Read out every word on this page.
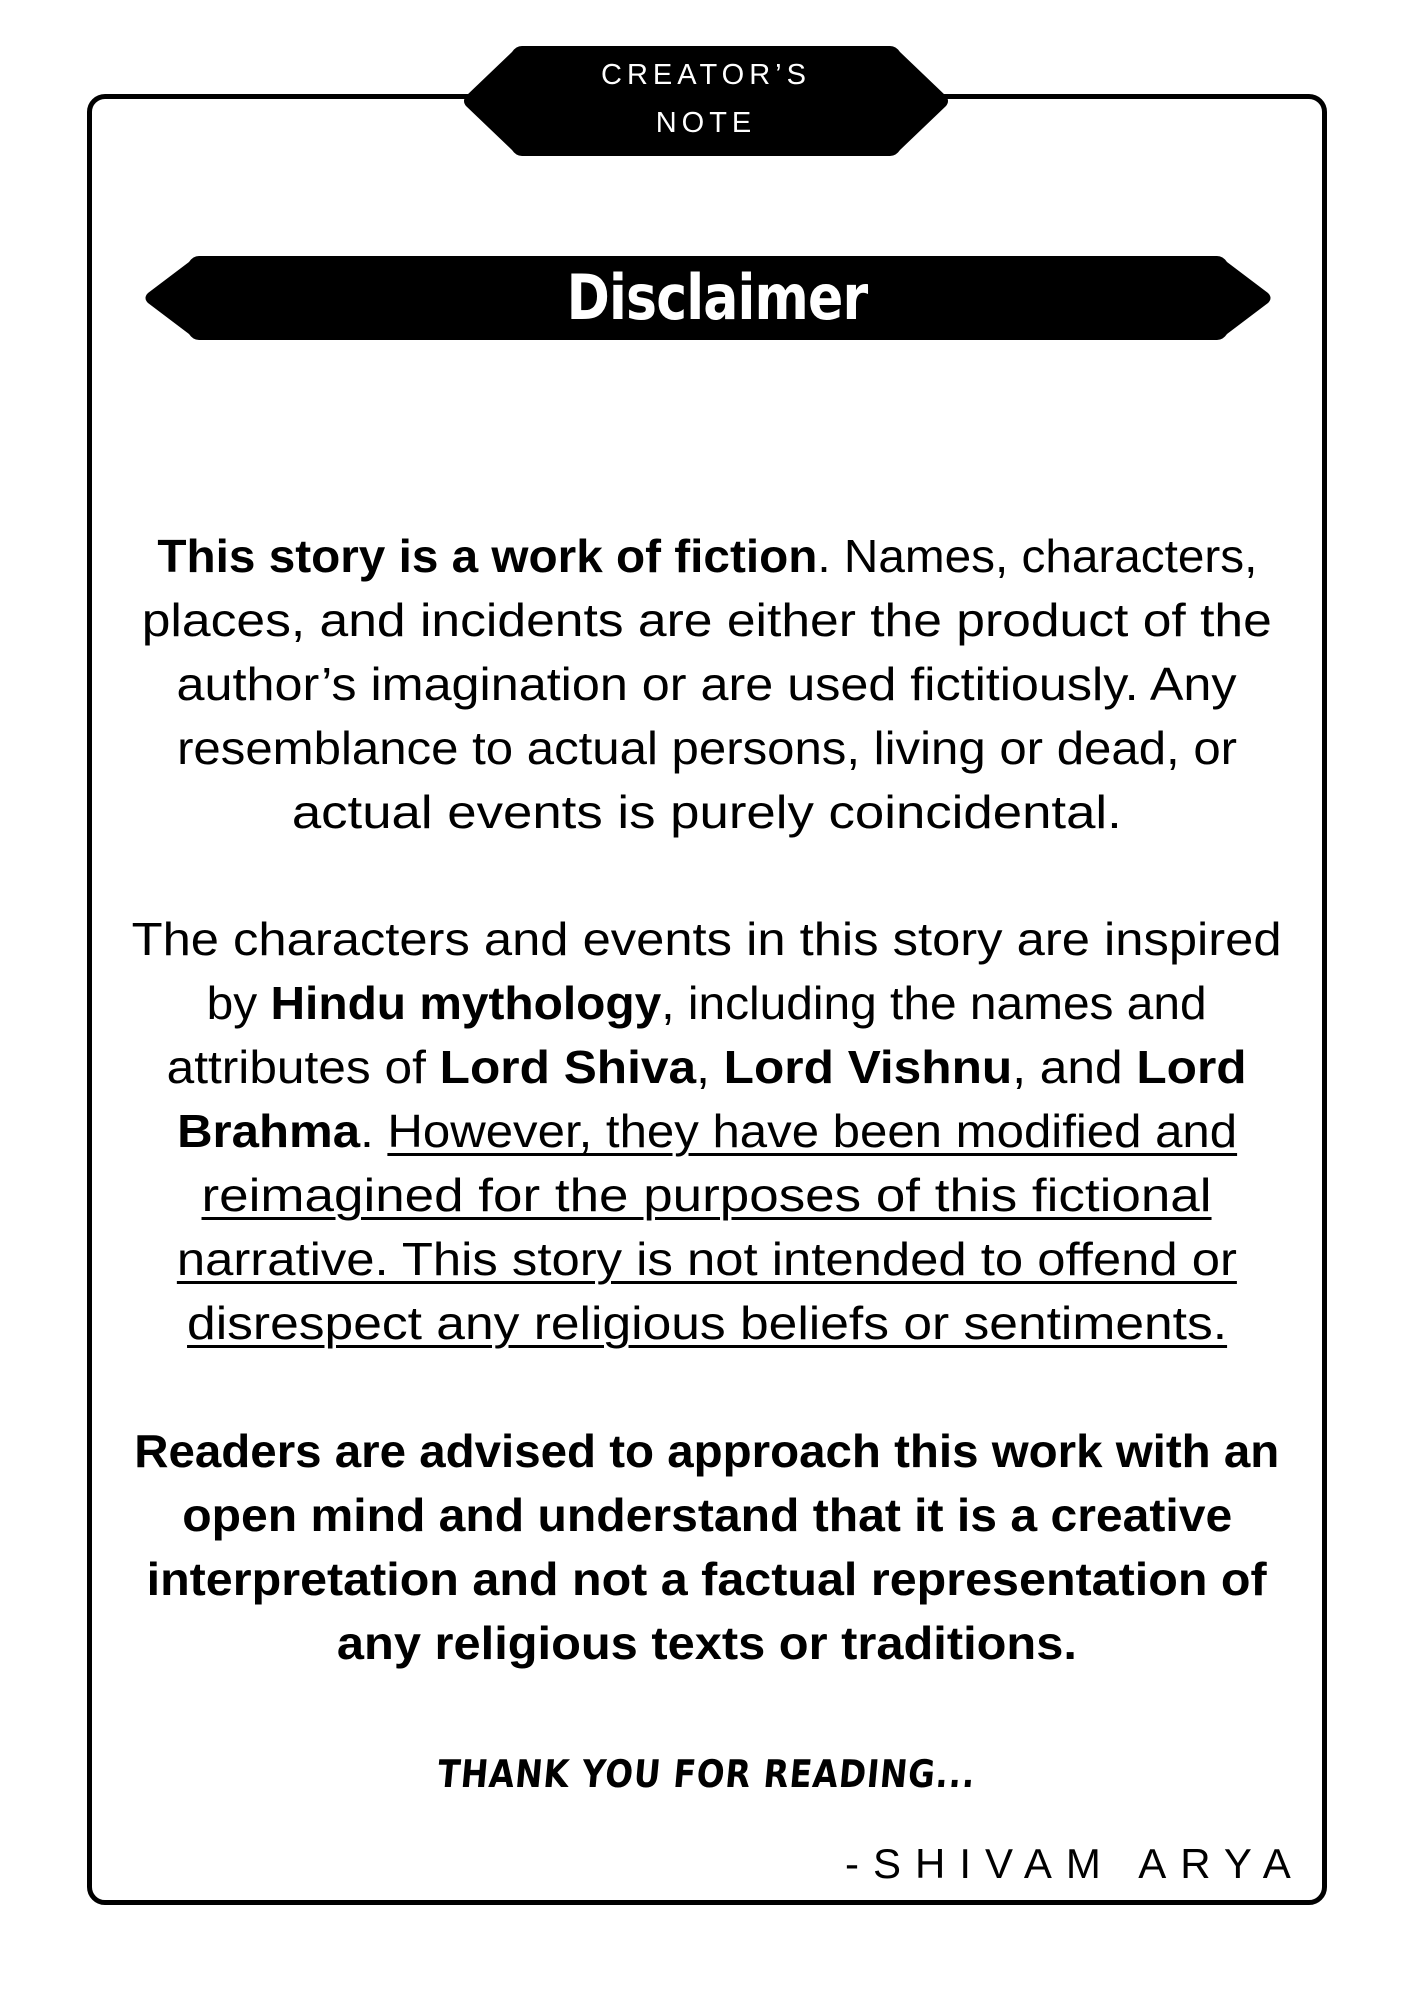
CREATOR’S
NOTE
Disclaimer
This story is a work of fiction. Names, characters,
places, and incidents are either the product of the
author’s imagination or are used fictitiously. Any
resemblance to actual persons, living or dead, or
actual events is purely coincidental.
The characters and events in this story are inspired
by Hindu mythology, including the names and
attributes of Lord Shiva, Lord Vishnu, and Lord
Brahma. However, they have been modified and
reimagined for the purposes of this fictional
narrative. This story is not intended to offend or
disrespect any religious beliefs or sentiments.
Readers are advised to approach this work with an
open mind and understand that it is a creative
interpretation and not a factual representation of
any religious texts or traditions.
THANK YOU FOR READING...
-SHIVAM ARYA
